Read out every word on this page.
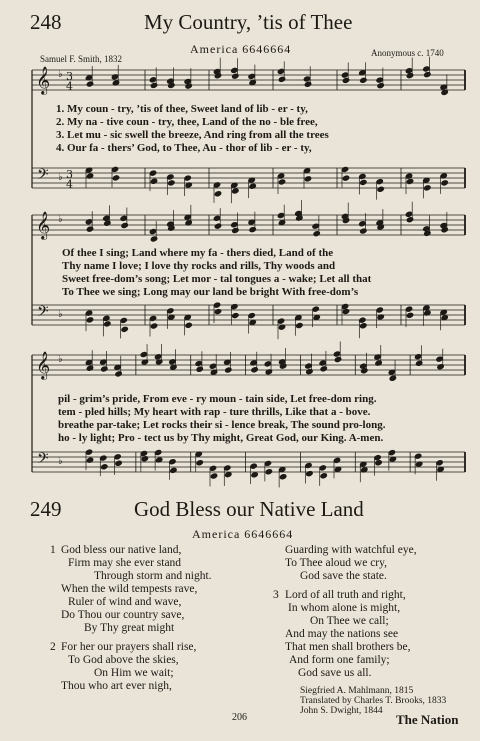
248	My Country, ’tis of Thee
America 6646664
Samuel F. Smith, 1832
Anonymous c. 1740
𝄞
𝄢
♭
♭
3
4
3
4
𝄞
𝄢
♭
♭
𝄞
𝄢
♭
♭
1. My coun - try, ’tis of thee, Sweet land of lib - er - ty,
2. My na - tive coun - try, thee, Land of the no - ble free,
3. Let mu - sic swell the breeze, And ring from all the trees
4. Our fa - thers’ God, to Thee, Au - thor of lib - er - ty,
Of thee I sing; Land where my fa - thers died, Land of the
Thy name I love; I love thy rocks and rills, Thy woods and
Sweet free-dom’s song; Let mor - tal tongues a - wake; Let all that
To Thee we sing; Long may our land be bright With free-dom’s
pil - grim’s pride, From eve - ry moun - tain side, Let free-dom ring.
tem - pled hills; My heart with rap - ture thrills, Like that a - bove.
breathe par-take; Let rocks their si - lence break, The sound pro-long.
ho - ly light; Pro - tect us by Thy might, Great God, our King. A-men.
249	God Bless our Native Land
America 6646664
1 God bless our native land,
Firm may she ever stand
Through storm and night.
When the wild tempests rave,
Ruler of wind and wave,
Do Thou our country save,
By Thy great might
2 For her our prayers shall rise,
To God above the skies,
On Him we wait;
Thou who art ever nigh,
Guarding with watchful eye,
To Thee aloud we cry,
God save the state.
3 Lord of all truth and right,
In whom alone is might,
On Thee we call;
And may the nations see
That men shall brothers be,
And form one family;
God save us all.
Siegfried A. Mahlmann, 1815
Translated by Charles T. Brooks, 1833
John S. Dwight, 1844
206	The Nation
